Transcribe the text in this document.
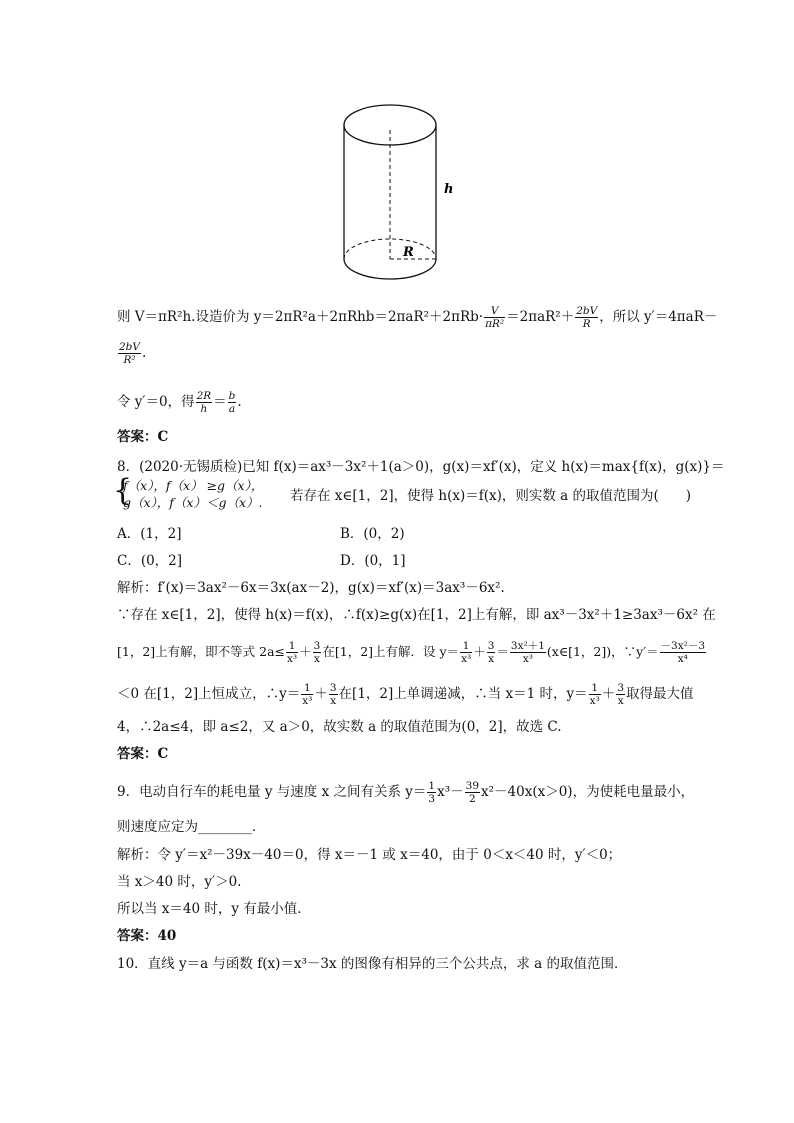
h
R
则 V＝πR²h.设造价为 $y=2\pi R^2a+2\pi Rhb=2\pi aR^2+2\pi Rb\cdot \frac{V}{\text{πR²}} =2\pi aR^2+ \frac{2bV}{R}$ ，所以 y′＝4πaR－
$\frac{2bV}{\text{R²}}$ .
令 y′＝0，得 $\frac{2R}{h} = \frac{b}{a}$ .
答案：C
8．(2020·无锡质检)已知 f(x)＝ax³－3x²＋1(a＞0)，g(x)＝xf′(x)，定义 h(x)＝max{f(x)，g(x)}＝
{
f（x），f（x） ≥g（x），
g（x），f（x）＜g（x）. 若存在 x∈[1，2]，使得 h(x)＝f(x)，则实数 a 的取值范围为(　　)
A．(1，2]	B．(0，2)
C．(0，2]	D．(0，1]
解析：f′(x)＝3ax²－6x＝3x(ax－2)，g(x)＝xf′(x)＝3ax³－6x².
∵存在 x∈[1，2]，使得 h(x)＝f(x)，∴f(x)≥g(x)在[1，2]上有解，即 ax³－3x²＋1≥3ax³－6x² 在
[1，2]上有解，即不等式 $2a\le \frac{1}{\text{x³}} + \frac{3}{x}$ 在[1，2]上有解．设 $y= \frac{1}{\text{x³}} + \frac{3}{x} = \frac{\text{3x²＋1}}{\text{x³}}$ (x∈[1，2])，∵y′＝ $\frac{\text{－3x²－3}}{\text{x⁴}}$
＜0 在[1，2]上恒成立，∴y＝ $\frac{1}{\text{x³}} + \frac{3}{x}$ 在[1，2]上单调递减，∴当 x＝1 时，$y= \frac{1}{\text{x³}} + \frac{3}{x}$ 取得最大值
4，∴2a≤4，即 a≤2，又 a＞0，故实数 a 的取值范围为(0，2]，故选 C.
答案：C
9．电动自行车的耗电量 y 与速度 x 之间有关系 $y= \frac{1}{3} x^3- \frac{39}{2} x^2-40x(x>0)$，为使耗电量最小，
则速度应定为________．
解析：令 y′＝x²－39x－40＝0，得 x＝－1 或 x＝40，由于 0＜x＜40 时，y′＜0；
当 x＞40 时，y′＞0.
所以当 x＝40 时，y 有最小值．
答案：40
10．直线 y＝a 与函数 f(x)＝x³－3x 的图像有相异的三个公共点，求 a 的取值范围．
